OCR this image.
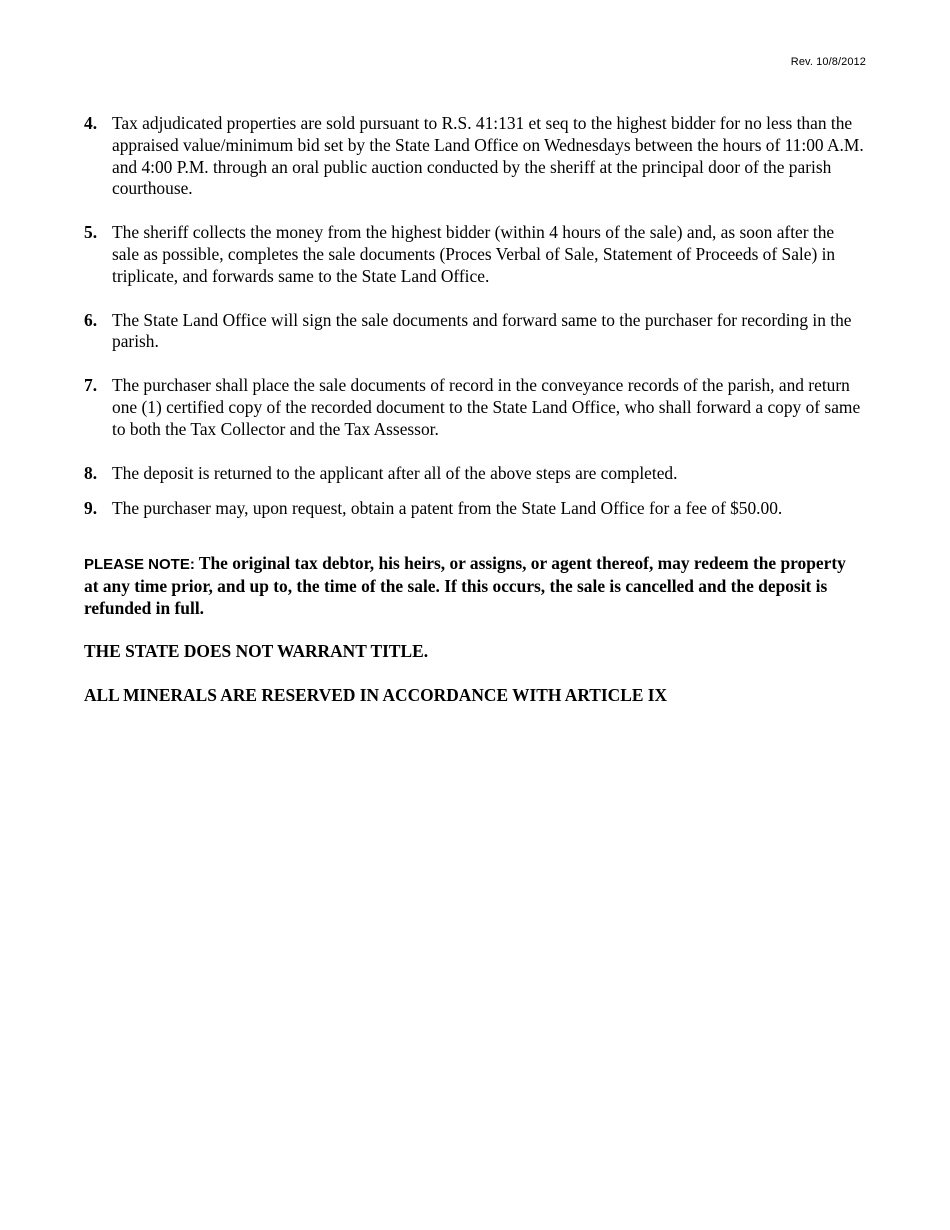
Rev. 10/8/2012
4. Tax adjudicated properties are sold pursuant to R.S. 41:131 et seq to the highest bidder for no less than the appraised value/minimum bid set by the State Land Office on Wednesdays between the hours of 11:00 A.M. and 4:00 P.M. through an oral public auction conducted by the sheriff at the principal door of the parish courthouse.
5. The sheriff collects the money from the highest bidder (within 4 hours of the sale) and, as soon after the sale as possible, completes the sale documents (Proces Verbal of Sale, Statement of Proceeds of Sale) in triplicate, and forwards same to the State Land Office.
6. The State Land Office will sign the sale documents and forward same to the purchaser for recording in the parish.
7. The purchaser shall place the sale documents of record in the conveyance records of the parish, and return one (1) certified copy of the recorded document to the State Land Office, who shall forward a copy of same to both the Tax Collector and the Tax Assessor.
8. The deposit is returned to the applicant after all of the above steps are completed.
9. The purchaser may, upon request, obtain a patent from the State Land Office for a fee of $50.00.

PLEASE NOTE: The original tax debtor, his heirs, or assigns, or agent thereof, may redeem the property at any time prior, and up to, the time of the sale. If this occurs, the sale is cancelled and the deposit is refunded in full.

THE STATE DOES NOT WARRANT TITLE.

ALL MINERALS ARE RESERVED IN ACCORDANCE WITH ARTICLE IX
